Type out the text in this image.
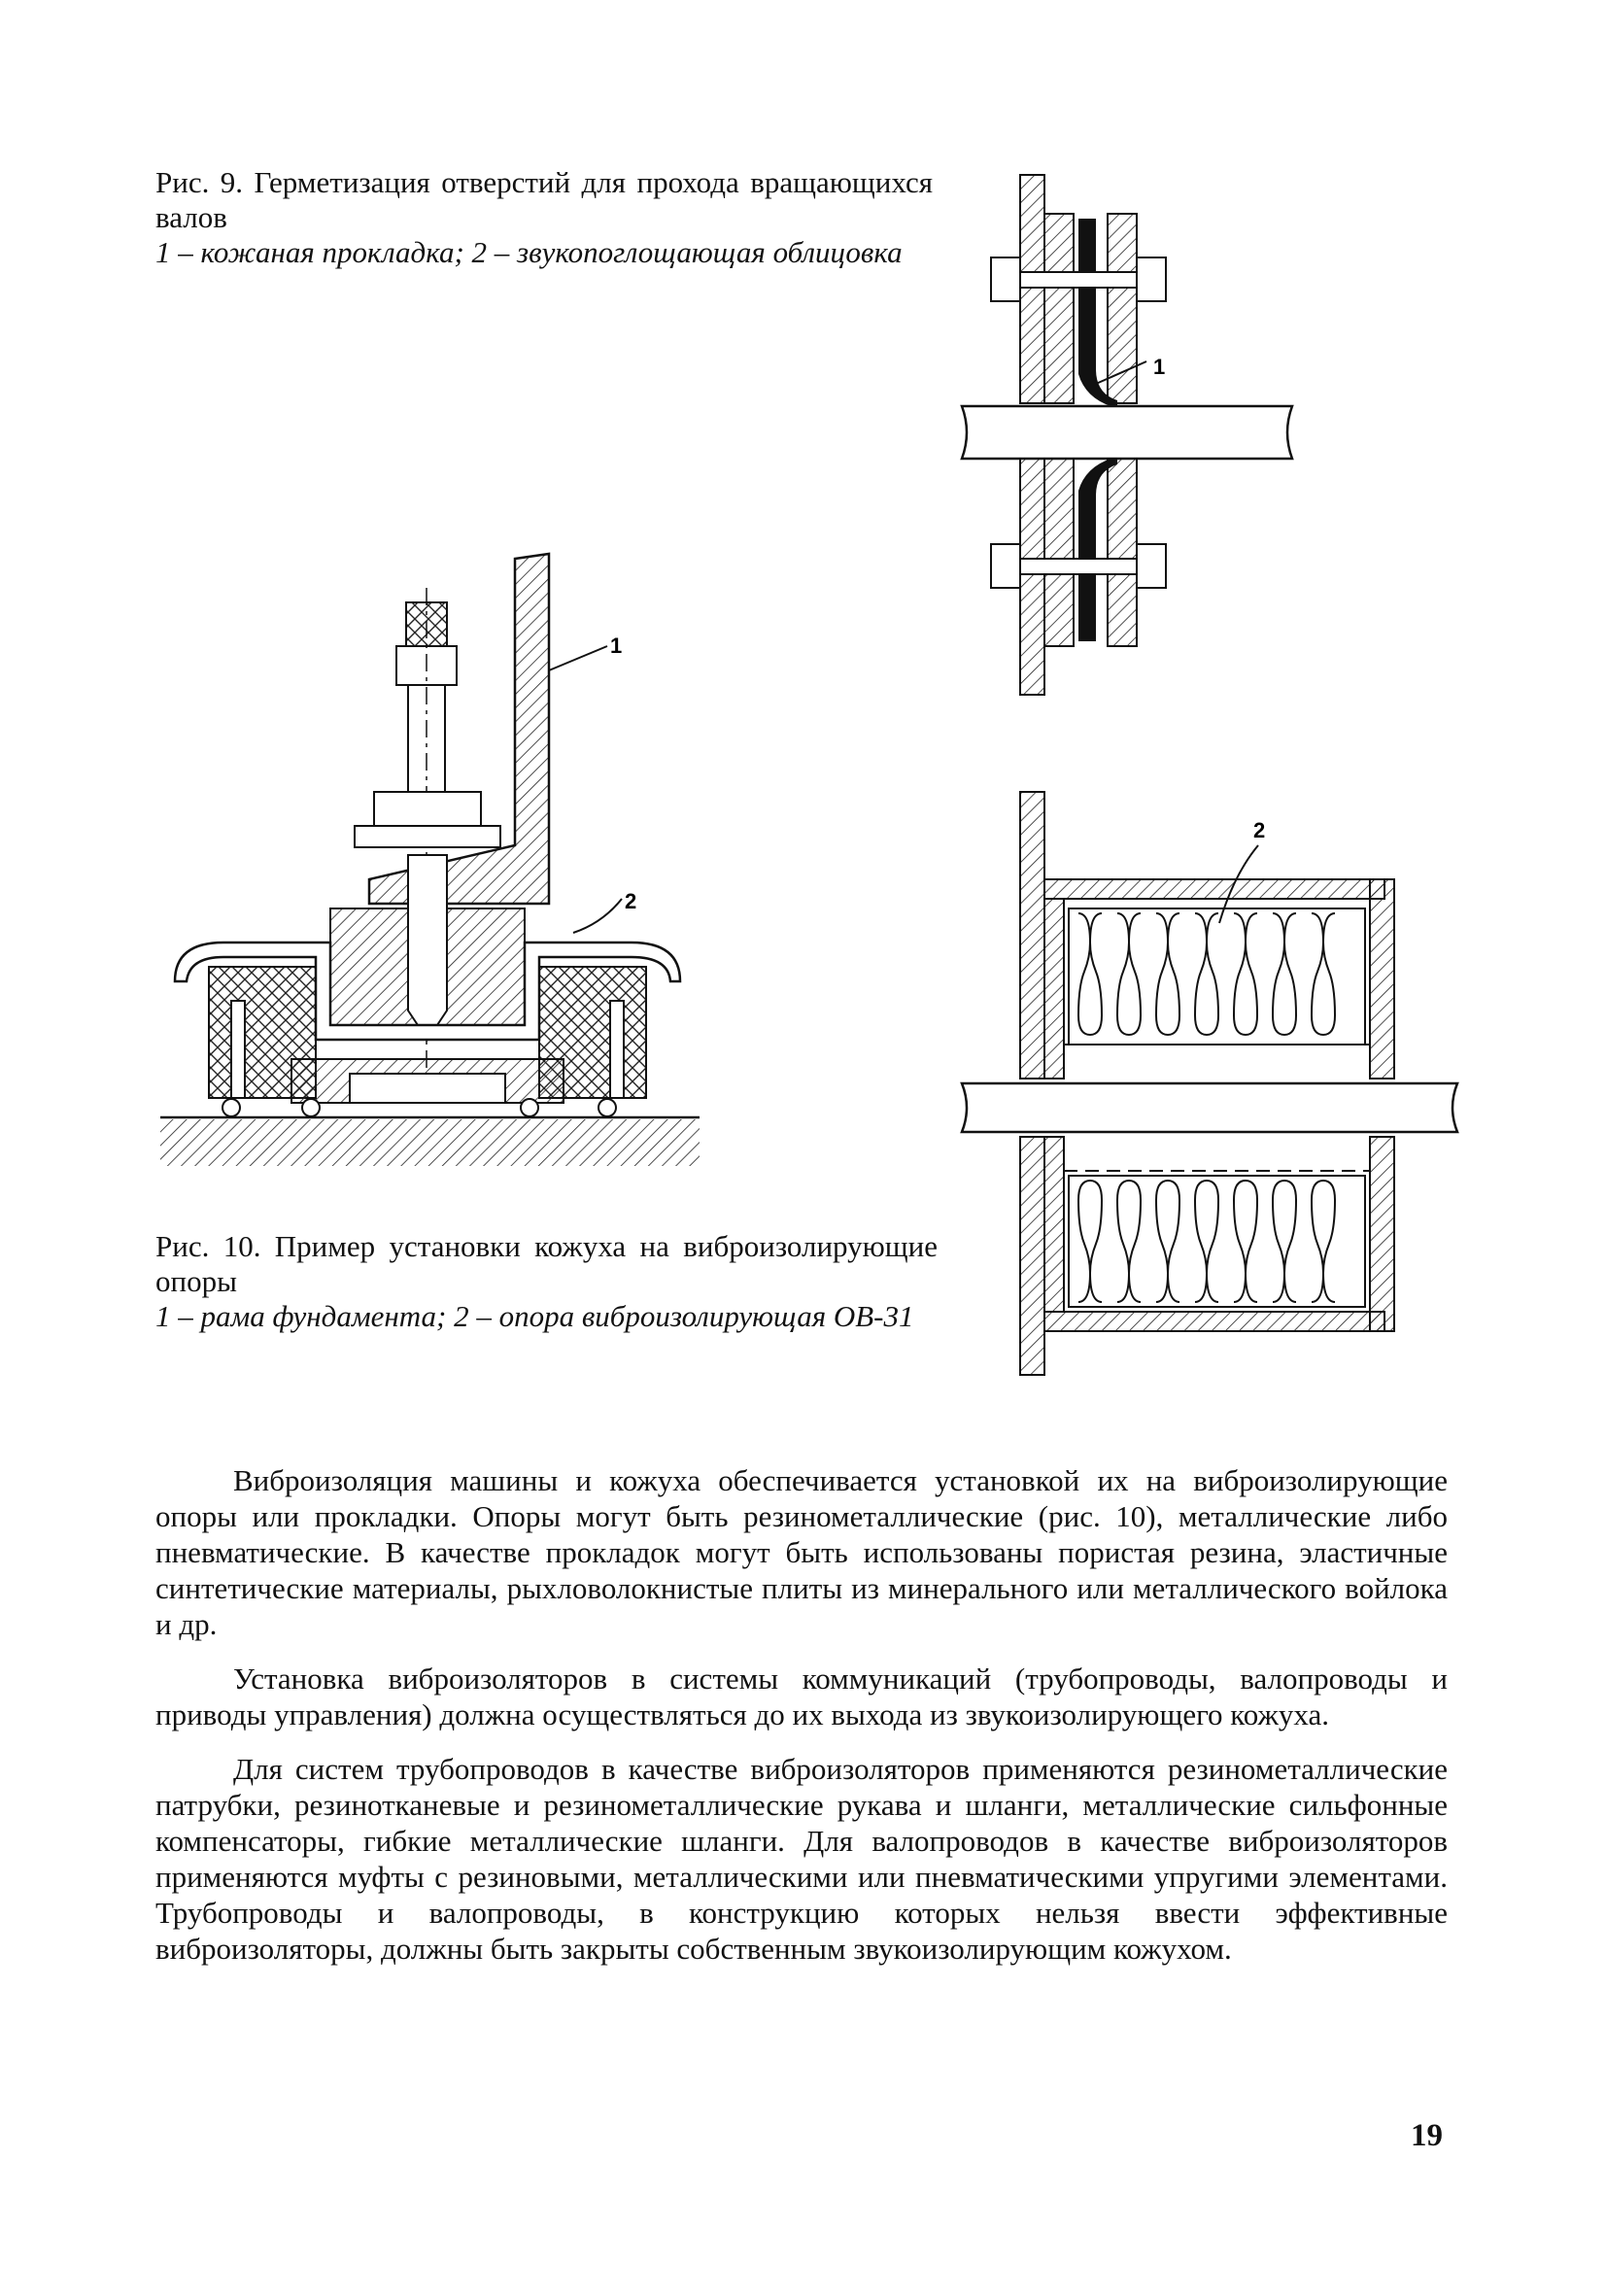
Рис. 9. Герметизация отверстий для прохода вращающихся валов
1 – кожаная прокладка; 2 – звукопоглощающая облицовка
1
2
1
2
Рис. 10. Пример установки кожуха на виброизолирующие опоры
1 – рама фундамента; 2 – опора виброизолирующая ОВ-31

Виброизоляция машины и кожуха обеспечивается установкой их на виброизолирующие опоры или прокладки. Опоры могут быть резинометаллические (рис. 10), металлические либо пневматические. В качестве прокладок могут быть использованы пористая резина, эластичные синтетические материалы, рыхловолокнистые плиты из минерального или металлического войлока и др.

Установка виброизоляторов в системы коммуникаций (трубопроводы, валопроводы и приводы управления) должна осуществляться до их выхода из звукоизолирующего кожуха.

Для систем трубопроводов в качестве виброизоляторов применяются резинометаллические патрубки, резинотканевые и резинометаллические рукава и шланги, металлические сильфонные компенсаторы, гибкие металлические шланги. Для валопроводов в качестве виброизоляторов применяются муфты с резиновыми, металлическими или пневматическими упругими элементами. Трубопроводы и валопроводы, в конструкцию которых нельзя ввести эффективные виброизоляторы, должны быть закрыты собственным звукоизолирующим кожухом.

19
